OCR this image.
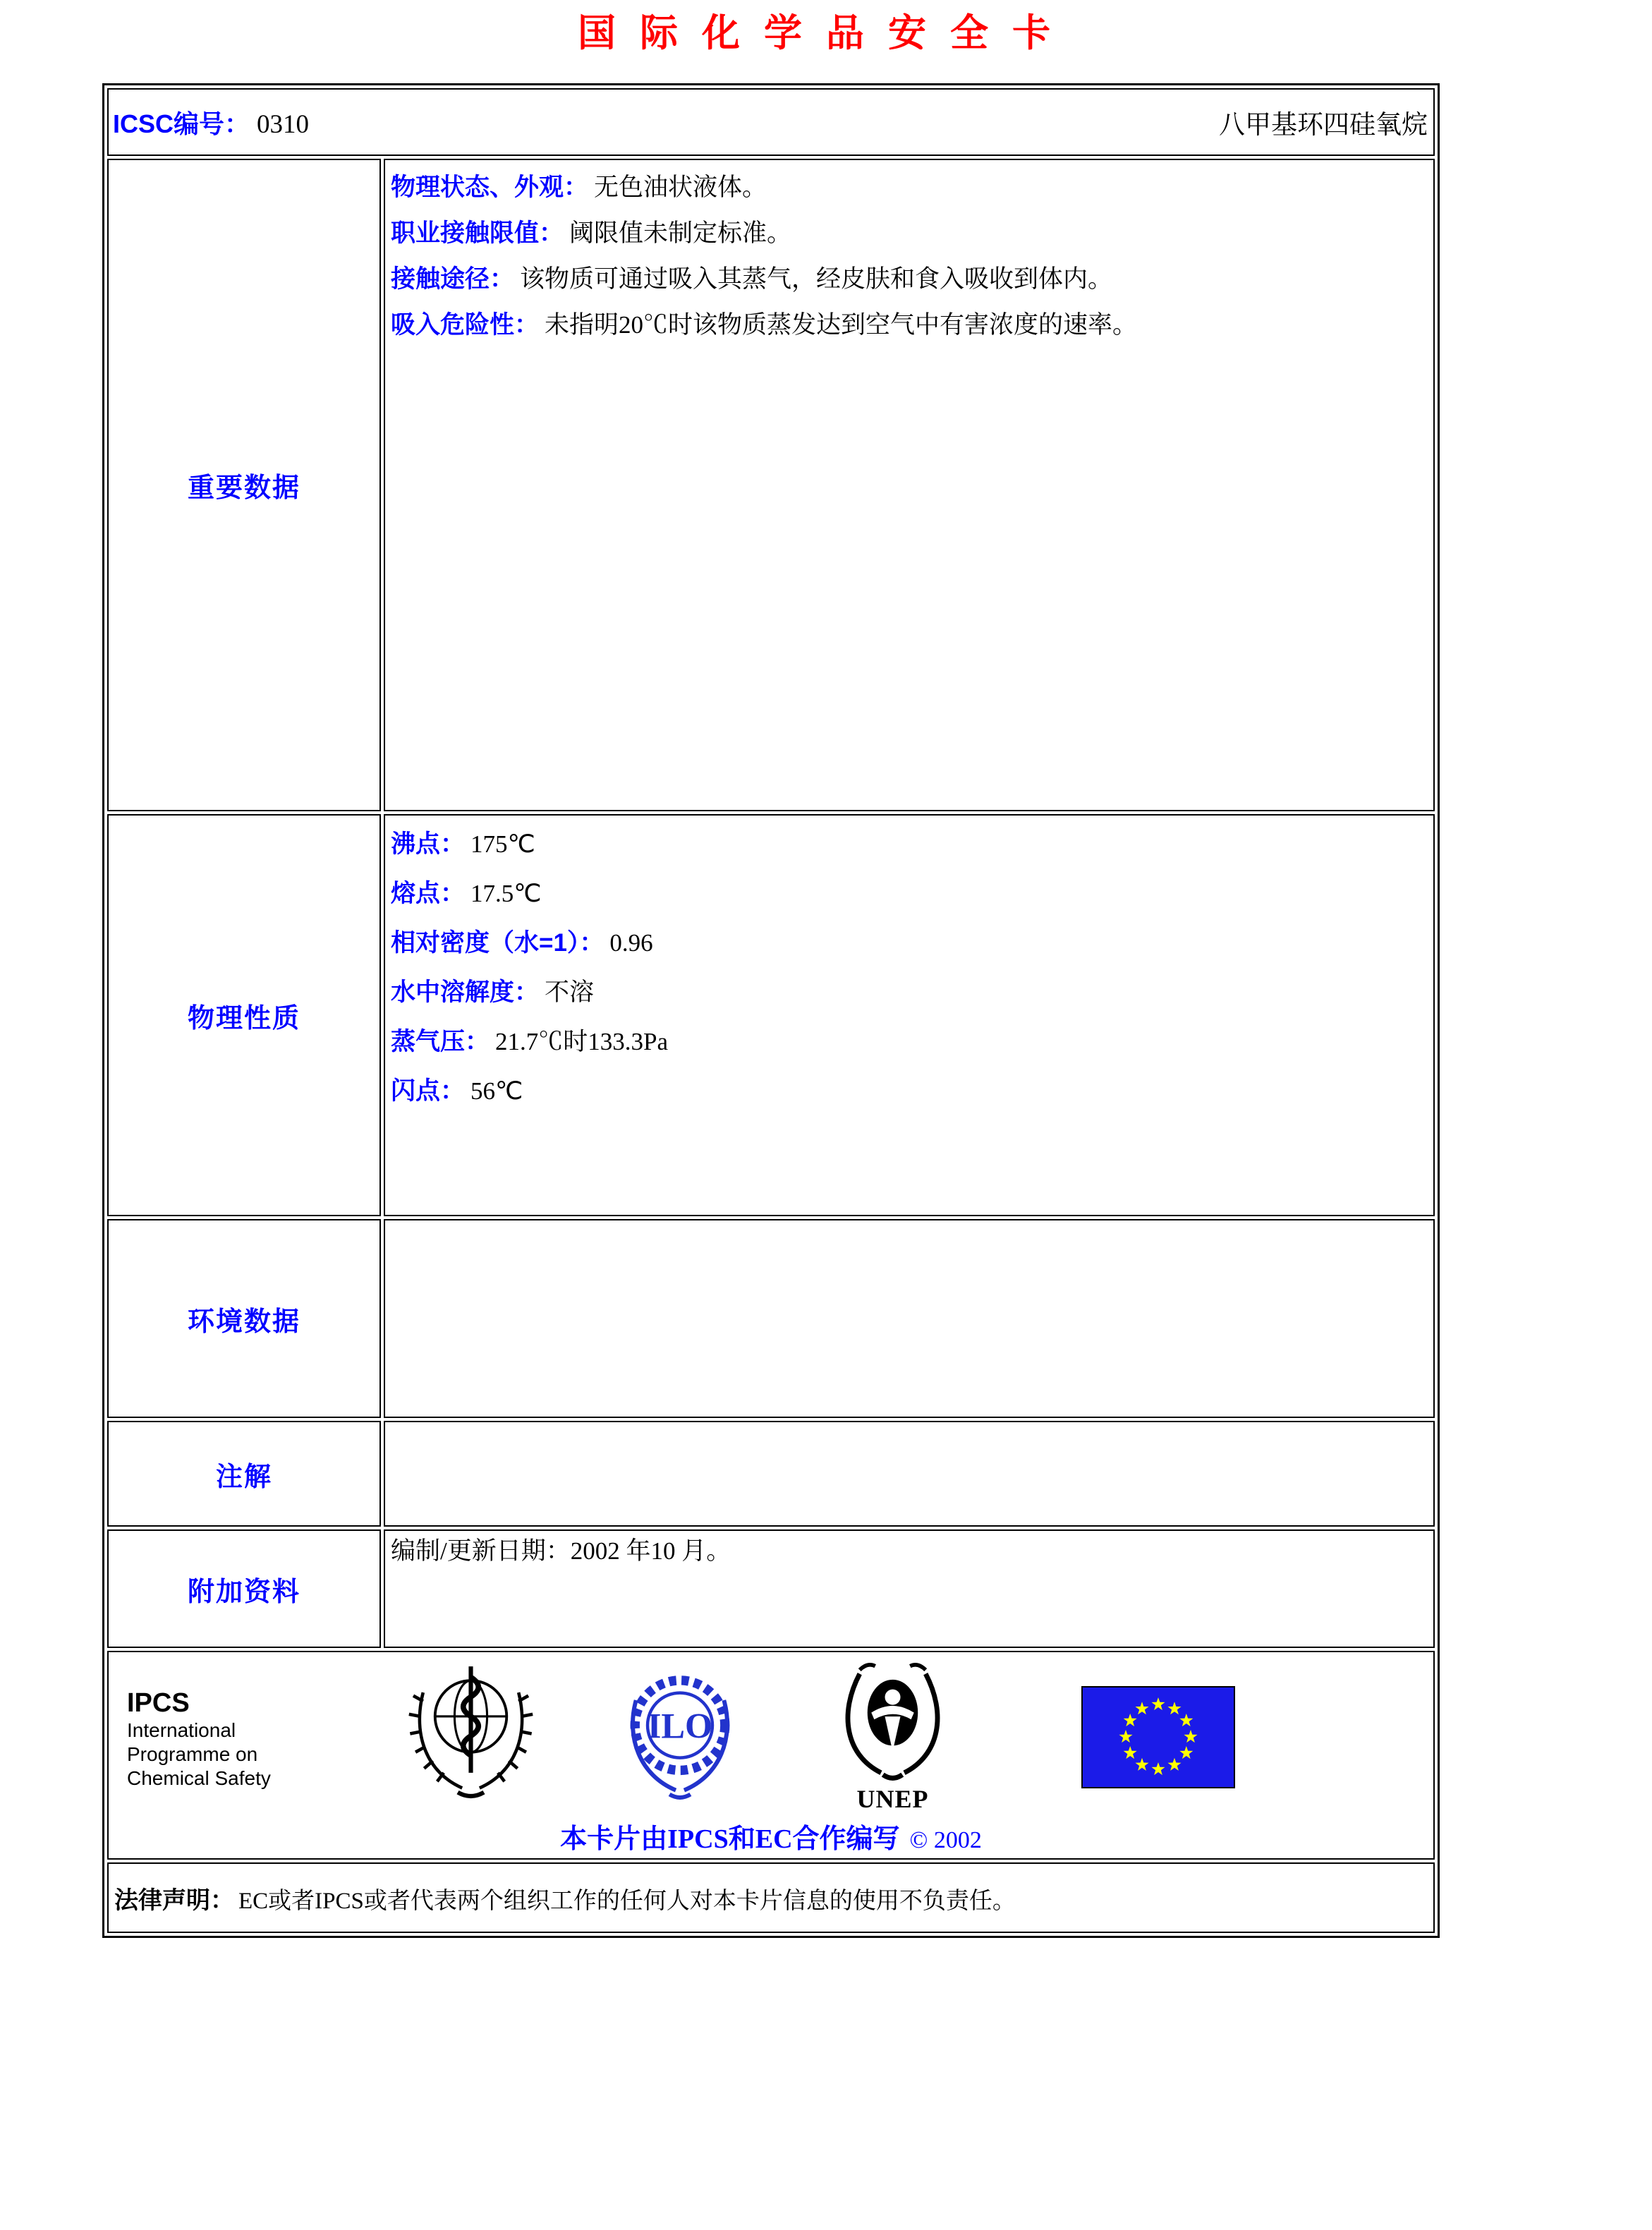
国际化学品安全卡
ICSC编号： 0310 八甲基环四硅氧烷	

重要数据	物理状态、外观： 无色油状液体。
职业接触限值： 阈限值未制定标准。
接触途径： 该物质可通过吸入其蒸气，经皮肤和食入吸收到体内。
吸入危险性： 未指明20℃时该物质蒸发达到空气中有害浓度的速率。

物理性质	
沸点： 175℃
熔点： 17.5℃
相对密度（水=1）： 0.96
水中溶解度： 不溶
蒸气压： 21.7℃时133.3Pa
闪点： 56℃

环境数据	

注解	

附加资料	编制/更新日期：2002 年10 月。

IPCS
International
Programme on
Chemical Safety
ILO
UNEP
本卡片由IPCS和EC合作编写 © 2002

法律声明： EC或者IPCS或者代表两个组织工作的任何人对本卡片信息的使用不负责任。	
